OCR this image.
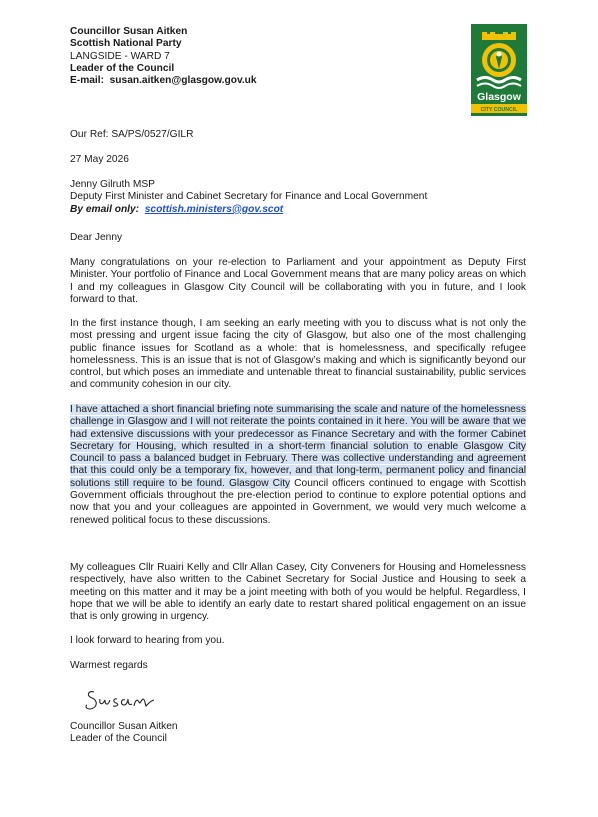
Councillor Susan Aitken
Scottish National Party
LANGSIDE - WARD 7
Leader of the Council
E-mail: susan.aitken@glasgow.gov.uk
Glasgow
CITY COUNCIL
Our Ref: SA/PS/0527/GILR
27 May 2026
Jenny Gilruth MSP
Deputy First Minister and Cabinet Secretary for Finance and Local Government
By email only: scottish.ministers@gov.scot
Dear Jenny

Many congratulations on your re-election to Parliament and your appointment as Deputy First Minister. Your portfolio of Finance and Local Government means that are many policy areas on which I and my colleagues in Glasgow City Council will be collaborating with you in future, and I look forward to that.

In the first instance though, I am seeking an early meeting with you to discuss what is not only the most pressing and urgent issue facing the city of Glasgow, but also one of the most challenging public finance issues for Scotland as a whole: that is homelessness, and specifically refugee homelessness. This is an issue that is not of Glasgow’s making and which is significantly beyond our control, but which poses an immediate and untenable threat to financial sustainability, public services and community cohesion in our city.

I have attached a short financial briefing note summarising the scale and nature of the homelessness challenge in Glasgow and I will not reiterate the points contained in it here. You will be aware that we had extensive discussions with your predecessor as Finance Secretary and with the former Cabinet Secretary for Housing, which resulted in a short-term financial solution to enable Glasgow City Council to pass a balanced budget in February. There was collective understanding and agreement that this could only be a temporary fix, however, and that long-term, permanent policy and financial solutions still require to be found. Glasgow City Council officers continued to engage with Scottish Government officials throughout the pre-election period to continue to explore potential options and now that you and your colleagues are appointed in Government, we would very much welcome a renewed political focus to these discussions.

My colleagues Cllr Ruairi Kelly and Cllr Allan Casey, City Conveners for Housing and Homelessness respectively, have also written to the Cabinet Secretary for Social Justice and Housing to seek a meeting on this matter and it may be a joint meeting with both of you would be helpful. Regardless, I hope that we will be able to identify an early date to restart shared political engagement on an issue that is only growing in urgency.

I look forward to hearing from you.
Warmest regards
Councillor Susan Aitken
Leader of the Council
